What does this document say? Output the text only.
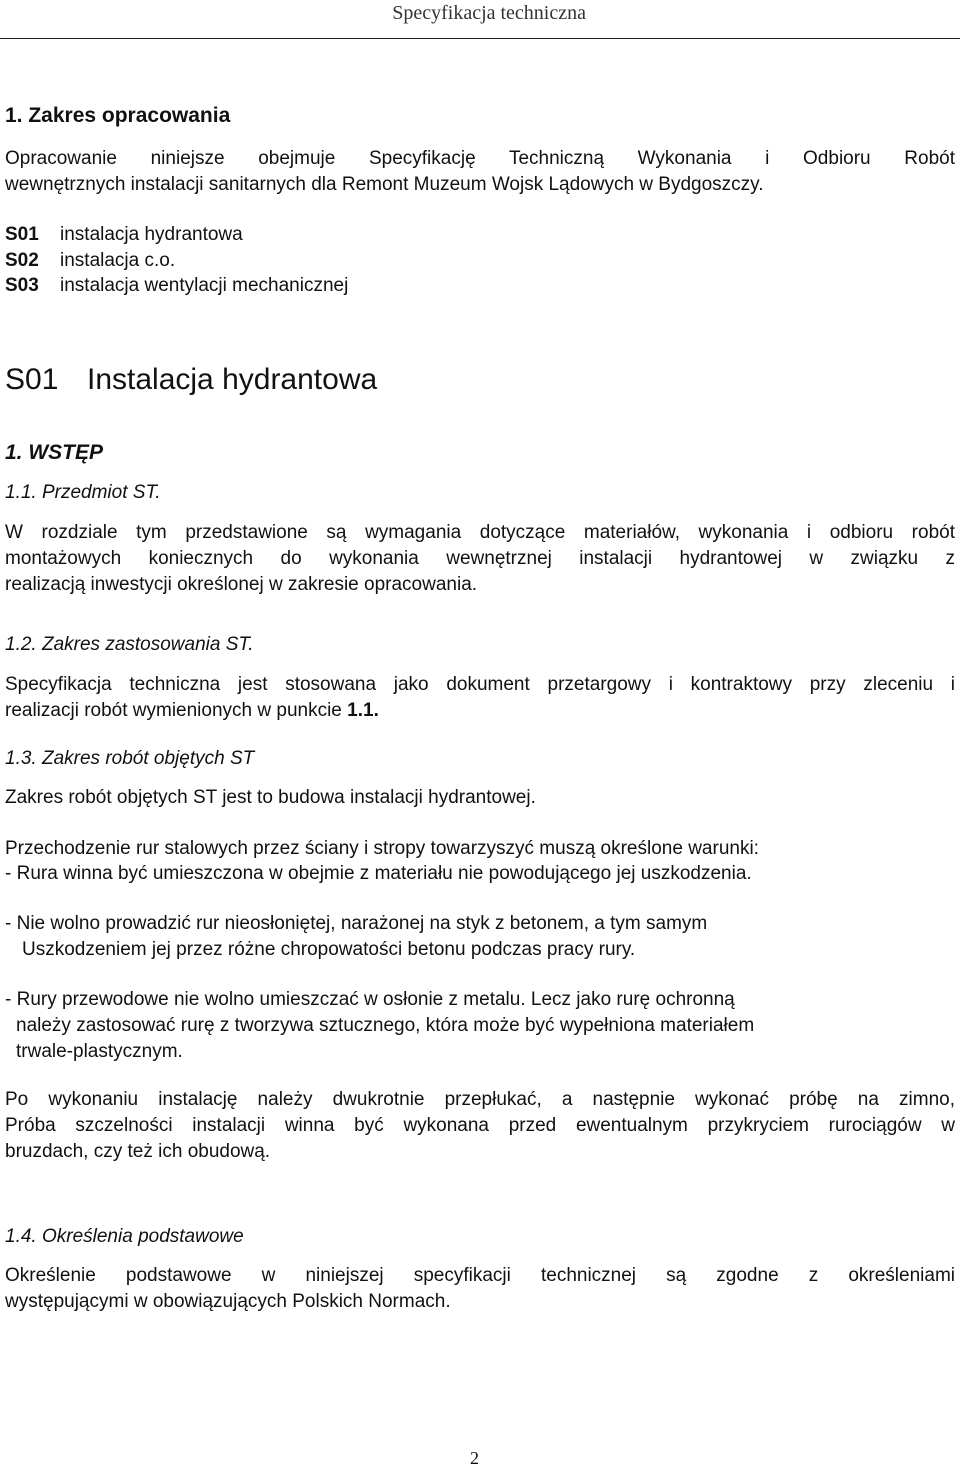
Specyfikacja techniczna
1. Zakres opracowania
Opracowanie niniejsze obejmuje Specyfikację Techniczną Wykonania i Odbioru Robót
wewnętrznych instalacji sanitarnych dla Remont Muzeum Wojsk Lądowych w Bydgoszczy.
S01 instalacja hydrantowa
S02 instalacja c.o.
S03 instalacja wentylacji mechanicznej
S01 Instalacja hydrantowa
1. WSTĘP
1.1. Przedmiot ST.
W rozdziale tym przedstawione są wymagania dotyczące materiałów, wykonania i odbioru robót
montażowych koniecznych do wykonania wewnętrznej instalacji hydrantowej w związku z
realizacją inwestycji określonej w zakresie opracowania.
1.2. Zakres zastosowania ST.
Specyfikacja techniczna jest stosowana jako dokument przetargowy i kontraktowy przy zleceniu i
realizacji robót wymienionych w punkcie 1.1.
1.3. Zakres robót objętych ST
Zakres robót objętych ST jest to budowa instalacji hydrantowej.
Przechodzenie rur stalowych przez ściany i stropy towarzyszyć muszą określone warunki:
- Rura winna być umieszczona w obejmie z materiału nie powodującego jej uszkodzenia.
- Nie wolno prowadzić rur nieosłoniętej, narażonej na styk z betonem, a tym samym
Uszkodzeniem jej przez różne chropowatości betonu podczas pracy rury.
- Rury przewodowe nie wolno umieszczać w osłonie z metalu. Lecz jako rurę ochronną
należy zastosować rurę z tworzywa sztucznego, która może być wypełniona materiałem
trwale-plastycznym.
Po wykonaniu instalację należy dwukrotnie przepłukać, a następnie wykonać próbę na zimno,
Próba szczelności instalacji winna być wykonana przed ewentualnym przykryciem rurociągów w
bruzdach, czy też ich obudową.
1.4. Określenia podstawowe
Określenie podstawowe w niniejszej specyfikacji technicznej są zgodne z określeniami
występującymi w obowiązujących Polskich Normach.
2
